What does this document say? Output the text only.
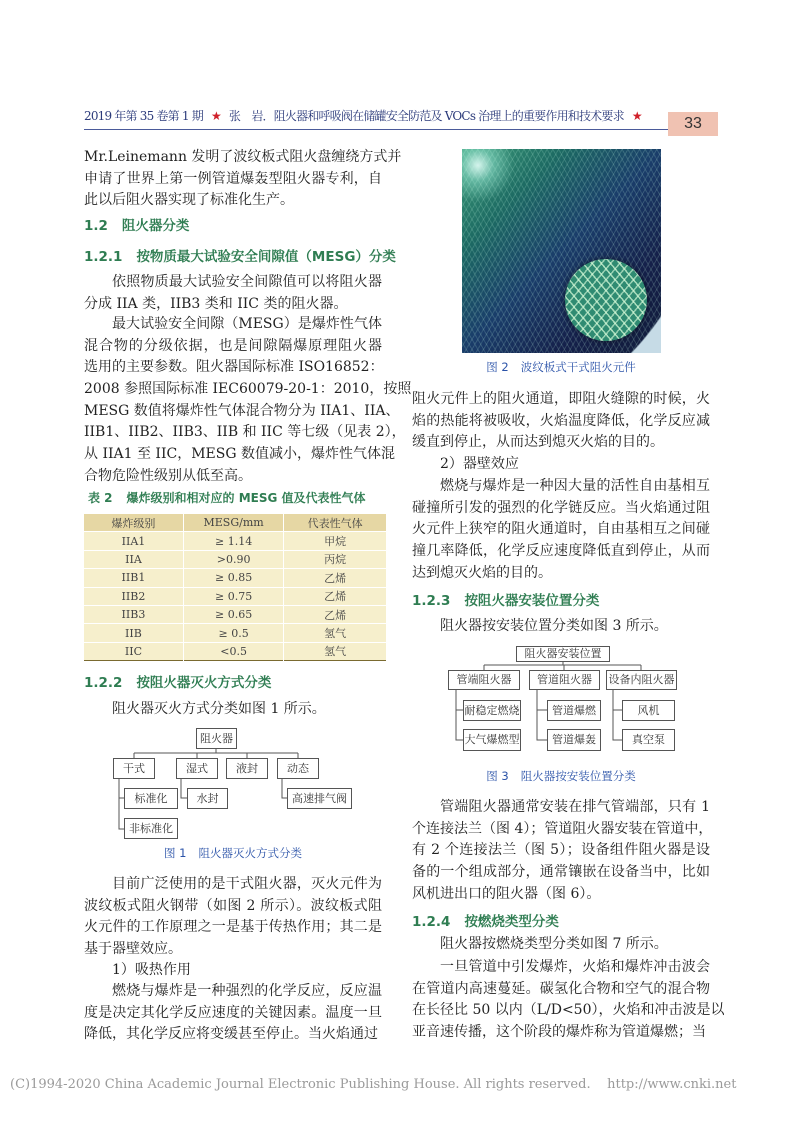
2019 年第 35 卷第 1 期 ★ 张　岩．阻火器和呼吸阀在储罐安全防范及 VOCs 治理上的重要作用和技术要求 ★	33
Mr.Leinemann 发明了波纹板式阻火盘缠绕方式并
申请了世界上第一例管道爆轰型阻火器专利，自
此以后阻火器实现了标准化生产。
1.2 阻火器分类
1.2.1 按物质最大试验安全间隙值（MESG）分类
依照物质最大试验安全间隙值可以将阻火器
分成 IIA 类，IIB3 类和 IIC 类的阻火器。
最大试验安全间隙（MESG）是爆炸性气体
混合物的分级依据，也是间隙隔爆原理阻火器
选用的主要参数。阻火器国际标准 ISO16852：
2008 参照国际标准 IEC60079-20-1：2010，按照
MESG 数值将爆炸性气体混合物分为 IIA1、IIA、
IIB1、IIB2、IIB3、IIB 和 IIC 等七级（见表 2），
从 IIA1 至 IIC，MESG 数值减小，爆炸性气体混
合物危险性级别从低至高。
表 2 爆炸级别和相对应的 MESG 值及代表性气体
爆炸级别	MESG/mm	代表性气体
IIA1	≥ 1.14	甲烷
IIA	>0.90	丙烷
IIB1	≥ 0.85	乙烯
IIB2	≥ 0.75	乙烯
IIB3	≥ 0.65	乙烯
IIB	≥ 0.5	氢气
IIC	<0.5	氢气
1.2.2 按阻火器灭火方式分类
阻火器灭火方式分类如图 1 所示。
阻火器
干式	湿式	液封	动态
标准化
非标准化
水封	高速排气阀
图 1 阻火器灭火方式分类
目前广泛使用的是干式阻火器，灭火元件为
波纹板式阻火钢带（如图 2 所示）。波纹板式阻
火元件的工作原理之一是基于传热作用；其二是
基于器壁效应。
1）吸热作用
燃烧与爆炸是一种强烈的化学反应，反应温
度是决定其化学反应速度的关键因素。温度一旦
降低，其化学反应将变缓甚至停止。当火焰通过
图 2 波纹板式干式阻火元件
阻火元件上的阻火通道，即阻火缝隙的时候，火
焰的热能将被吸收，火焰温度降低，化学反应减
缓直到停止，从而达到熄灭火焰的目的。
2）器壁效应
燃烧与爆炸是一种因大量的活性自由基相互
碰撞所引发的强烈的化学链反应。当火焰通过阻
火元件上狭窄的阻火通道时，自由基相互之间碰
撞几率降低，化学反应速度降低直到停止，从而
达到熄灭火焰的目的。
1.2.3 按阻火器安装位置分类
阻火器按安装位置分类如图 3 所示。
阻火器安装位置
管端阻火器	管道阻火器	设备内阻火器
耐稳定燃烧
大气爆燃型
管道爆燃
管道爆轰
风机
真空泵
图 3 阻火器按安装位置分类
管端阻火器通常安装在排气管端部，只有 1
个连接法兰（图 4）；管道阻火器安装在管道中，
有 2 个连接法兰（图 5）；设备组件阻火器是设
备的一个组成部分，通常镶嵌在设备当中，比如
风机进出口的阻火器（图 6）。
1.2.4 按燃烧类型分类
阻火器按燃烧类型分类如图 7 所示。
一旦管道中引发爆炸，火焰和爆炸冲击波会
在管道内高速蔓延。碳氢化合物和空气的混合物
在长径比 50 以内（L/D<50），火焰和冲击波是以
亚音速传播，这个阶段的爆炸称为管道爆燃；当
(C)1994-2020 China Academic Journal Electronic Publishing House. All rights reserved.    http://www.cnki.net
